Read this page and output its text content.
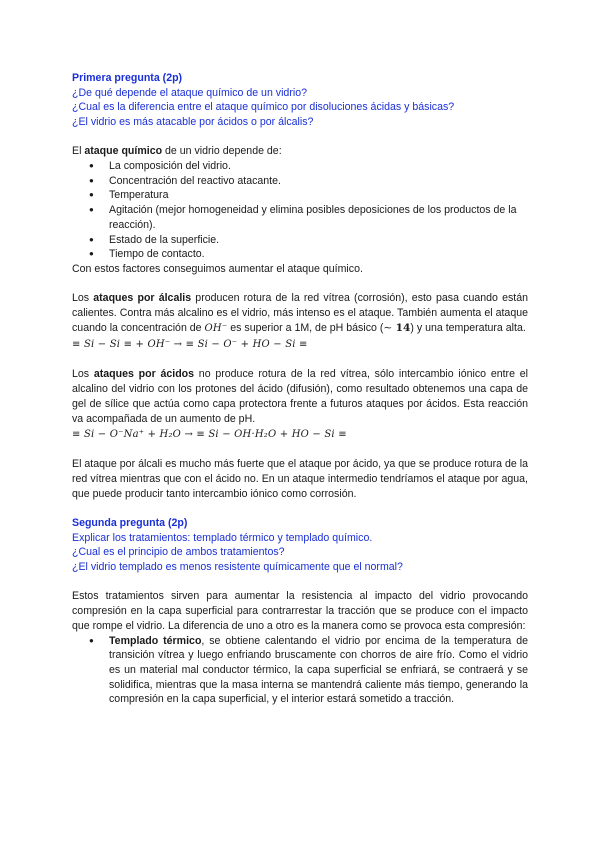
Primera pregunta (2p)

¿De qué depende el ataque químico de un vidrio?

¿Cual es la diferencia entre el ataque químico por disoluciones ácidas y básicas?

¿El vidrio es más atacable por ácidos o por álcalis?

El ataque químico de un vidrio depende de:

● La composición del vidrio.
● Concentración del reactivo atacante.
● Temperatura
● Agitación (mejor homogeneidad y elimina posibles deposiciones de los productos de la reacción).
● Estado de la superficie.
● Tiempo de contacto.

Con estos factores conseguimos aumentar el ataque químico.

Los ataques por álcalis producen rotura de la red vítrea (corrosión), esto pasa cuando están calientes. Contra más alcalino es el vidrio, más intenso es el ataque. También aumenta el ataque cuando la concentración de OH⁻ es superior a 1M, de pH básico (∼ 14) y una temperatura alta.

≡ Si − Si ≡ + OH⁻ → ≡ Si − O⁻ + HO − Si ≡

Los ataques por ácidos no produce rotura de la red vítrea, sólo intercambio iónico entre el alcalino del vidrio con los protones del ácido (difusión), como resultado obtenemos una capa de gel de sílice que actúa como capa protectora frente a futuros ataques por ácidos. Esta reacción va acompañada de un aumento de pH.

≡ Si − O⁻Na⁺ + H₂O → ≡ Si − OH·H₂O + HO − Si ≡

El ataque por álcali es mucho más fuerte que el ataque por ácido, ya que se produce rotura de la red vítrea mientras que con el ácido no. En un ataque intermedio tendríamos el ataque por agua, que puede producir tanto intercambio iónico como corrosión.

Segunda pregunta (2p)

Explicar los tratamientos: templado térmico y templado químico.

¿Cual es el principio de ambos tratamientos?

¿El vidrio templado es menos resistente químicamente que el normal?

Estos tratamientos sirven para aumentar la resistencia al impacto del vidrio provocando compresión en la capa superficial para contrarrestar la tracción que se produce con el impacto que rompe el vidrio. La diferencia de uno a otro es la manera como se provoca esta compresión:

● Templado térmico, se obtiene calentando el vidrio por encima de la temperatura de transición vítrea y luego enfriando bruscamente con chorros de aire frío. Como el vidrio es un material mal conductor térmico, la capa superficial se enfriará, se contraerá y se solidifica, mientras que la masa interna se mantendrá caliente más tiempo, generando la compresión en la capa superficial, y el interior estará sometido a tracción.
